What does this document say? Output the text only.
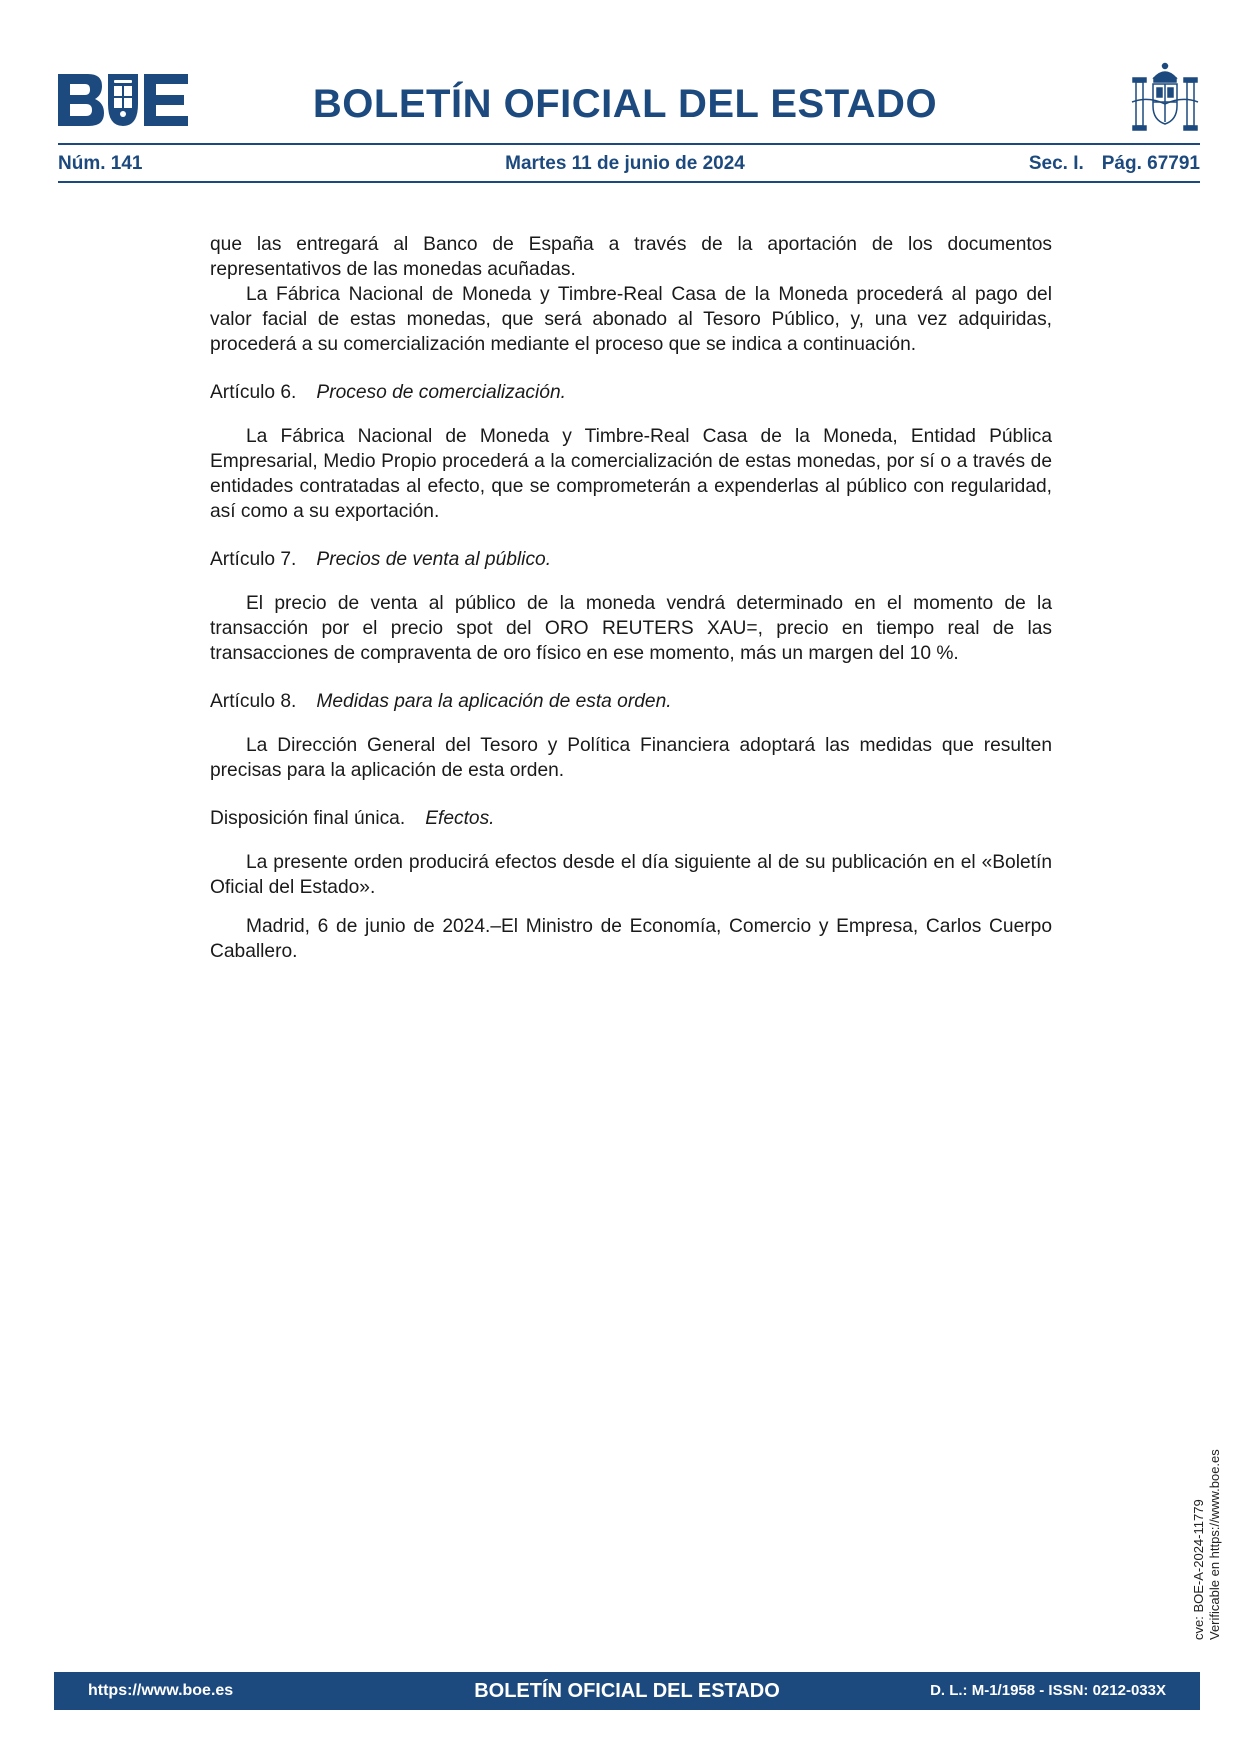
BOLETÍN OFICIAL DEL ESTADO
Núm. 141	Martes 11 de junio de 2024	Sec. I. Pág. 67791

que las entregará al Banco de España a través de la aportación de los documentos representativos de las monedas acuñadas.

La Fábrica Nacional de Moneda y Timbre-Real Casa de la Moneda procederá al pago del valor facial de estas monedas, que será abonado al Tesoro Público, y, una vez adquiridas, procederá a su comercialización mediante el proceso que se indica a continuación.

Artículo 6. Proceso de comercialización.

La Fábrica Nacional de Moneda y Timbre-Real Casa de la Moneda, Entidad Pública Empresarial, Medio Propio procederá a la comercialización de estas monedas, por sí o a través de entidades contratadas al efecto, que se comprometerán a expenderlas al público con regularidad, así como a su exportación.

Artículo 7. Precios de venta al público.

El precio de venta al público de la moneda vendrá determinado en el momento de la transacción por el precio spot del ORO REUTERS XAU=, precio en tiempo real de las transacciones de compraventa de oro físico en ese momento, más un margen del 10 %.

Artículo 8. Medidas para la aplicación de esta orden.

La Dirección General del Tesoro y Política Financiera adoptará las medidas que resulten precisas para la aplicación de esta orden.

Disposición final única. Efectos.

La presente orden producirá efectos desde el día siguiente al de su publicación en el «Boletín Oficial del Estado».

Madrid, 6 de junio de 2024.–El Ministro de Economía, Comercio y Empresa, Carlos Cuerpo Caballero.

cve: BOE-A-2024-11779 Verificable en https://www.boe.es
BOLETÍN OFICIAL DEL ESTADO
https://www.boe.es	D. L.: M-1/1958 - ISSN: 0212-033X
